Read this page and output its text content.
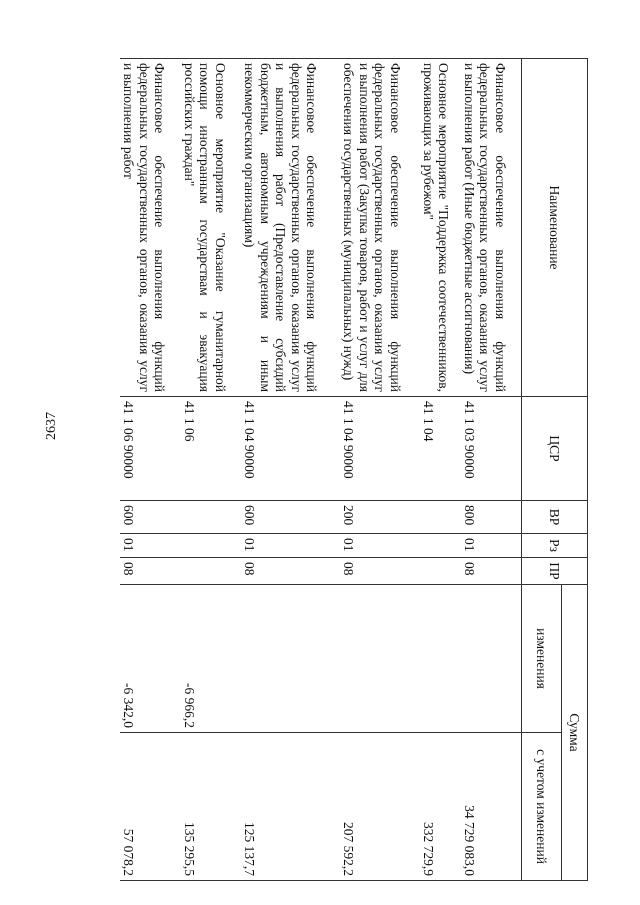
2637
Наименование	ЦСР	ВР	Рз	ПР	Сумма	
					изменения	с учетом изменений
Финансовое обеспечение выполнения функций федеральных государственных органов, оказания услуг и выполнения работ (Иные бюджетные ассигнования)	41 1 03 90000	800	01	08		34 729 083,0
Основное мероприятие "Поддержка соотечественников, проживающих за рубежом"	41 1 04					332 729,9
Финансовое обеспечение выполнения функций федеральных государственных органов, оказания услуг и выполнения работ (Закупка товаров, работ и услуг для обеспечения государственных (муниципальных) нужд)	41 1 04 90000	200	01	08		207 592,2
Финансовое обеспечение выполнения функций федеральных государственных органов, оказания услуг и выполнения работ (Предоставление субсидий бюджетным, автономным учреждениям и иным некоммерческим организациям)	41 1 04 90000	600	01	08		125 137,7
Основное мероприятие "Оказание гуманитарной помощи иностранным государствам и эвакуация российских граждан"	41 1 06				-6 966,2	135 295,5
Финансовое обеспечение выполнения функций федеральных государственных органов, оказания услуг и выполнения работ	41 1 06 90000	600	01	08	-6 342,0	57 078,2
